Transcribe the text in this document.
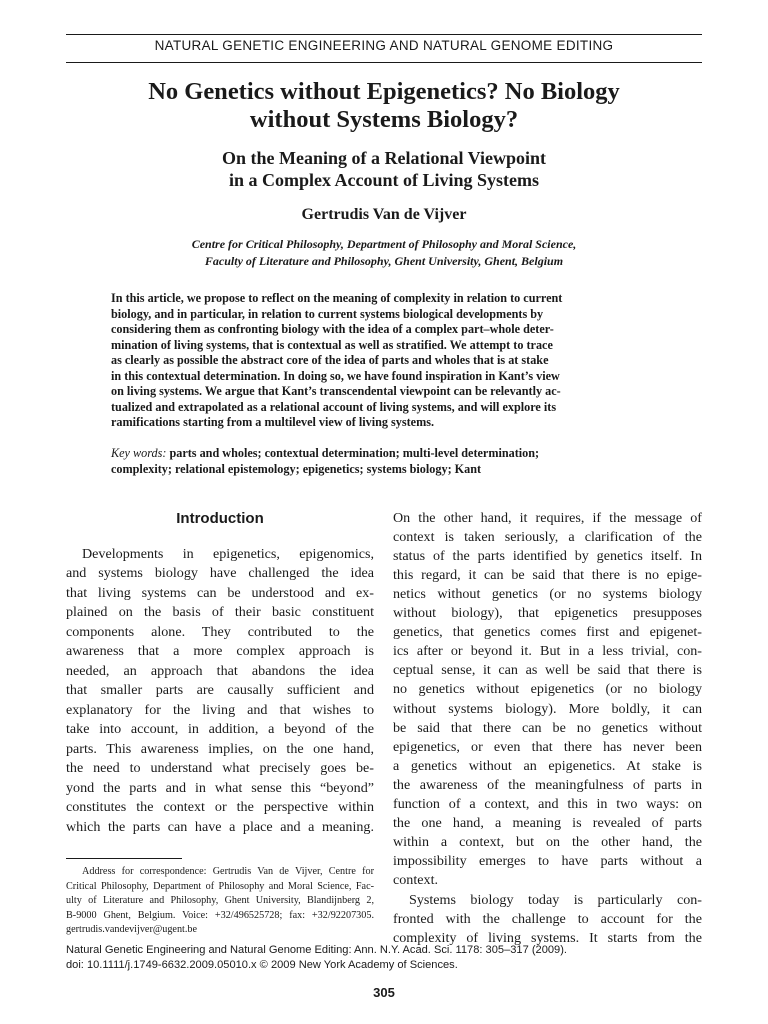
NATURAL GENETIC ENGINEERING AND NATURAL GENOME EDITING
No Genetics without Epigenetics? No Biology
without Systems Biology?
On the Meaning of a Relational Viewpoint
in a Complex Account of Living Systems
Gertrudis Van de Vijver
Centre for Critical Philosophy, Department of Philosophy and Moral Science,
Faculty of Literature and Philosophy, Ghent University, Ghent, Belgium
In this article, we propose to reflect on the meaning of complexity in relation to current
biology, and in particular, in relation to current systems biological developments by
considering them as confronting biology with the idea of a complex part–whole deter-
mination of living systems, that is contextual as well as stratified. We attempt to trace
as clearly as possible the abstract core of the idea of parts and wholes that is at stake
in this contextual determination. In doing so, we have found inspiration in Kant’s view
on living systems. We argue that Kant’s transcendental viewpoint can be relevantly ac-
tualized and extrapolated as a relational account of living systems, and will explore its
ramifications starting from a multilevel view of living systems.
Key words: parts and wholes; contextual determination; multi-level determination;
complexity; relational epistemology; epigenetics; systems biology; Kant
Introduction
Developments in epigenetics, epigenomics,
and systems biology have challenged the idea
that living systems can be understood and ex-
plained on the basis of their basic constituent
components alone. They contributed to the
awareness that a more complex approach is
needed, an approach that abandons the idea
that smaller parts are causally sufficient and
explanatory for the living and that wishes to
take into account, in addition, a beyond of the
parts. This awareness implies, on the one hand,
the need to understand what precisely goes be-
yond the parts and in what sense this “beyond”
constitutes the context or the perspective within
which the parts can have a place and a meaning.
On the other hand, it requires, if the message of
context is taken seriously, a clarification of the
status of the parts identified by genetics itself. In
this regard, it can be said that there is no epige-
netics without genetics (or no systems biology
without biology), that epigenetics presupposes
genetics, that genetics comes first and epigenet-
ics after or beyond it. But in a less trivial, con-
ceptual sense, it can as well be said that there is
no genetics without epigenetics (or no biology
without systems biology). More boldly, it can
be said that there can be no genetics without
epigenetics, or even that there has never been
a genetics without an epigenetics. At stake is
the awareness of the meaningfulness of parts in
function of a context, and this in two ways: on
the one hand, a meaning is revealed of parts
within a context, but on the other hand, the
impossibility emerges to have parts without a
context.
Systems biology today is particularly con-
fronted with the challenge to account for the
complexity of living systems. It starts from the
Address for correspondence: Gertrudis Van de Vijver, Centre for
Critical Philosophy, Department of Philosophy and Moral Science, Fac-
ulty of Literature and Philosophy, Ghent University, Blandijnberg 2,
B-9000 Ghent, Belgium. Voice: +32/496525728; fax: +32/92207305.
gertrudis.vandevijver@ugent.be
Natural Genetic Engineering and Natural Genome Editing: Ann. N.Y. Acad. Sci. 1178: 305–317 (2009).
doi: 10.1111/j.1749-6632.2009.05010.x © 2009 New York Academy of Sciences.
305
